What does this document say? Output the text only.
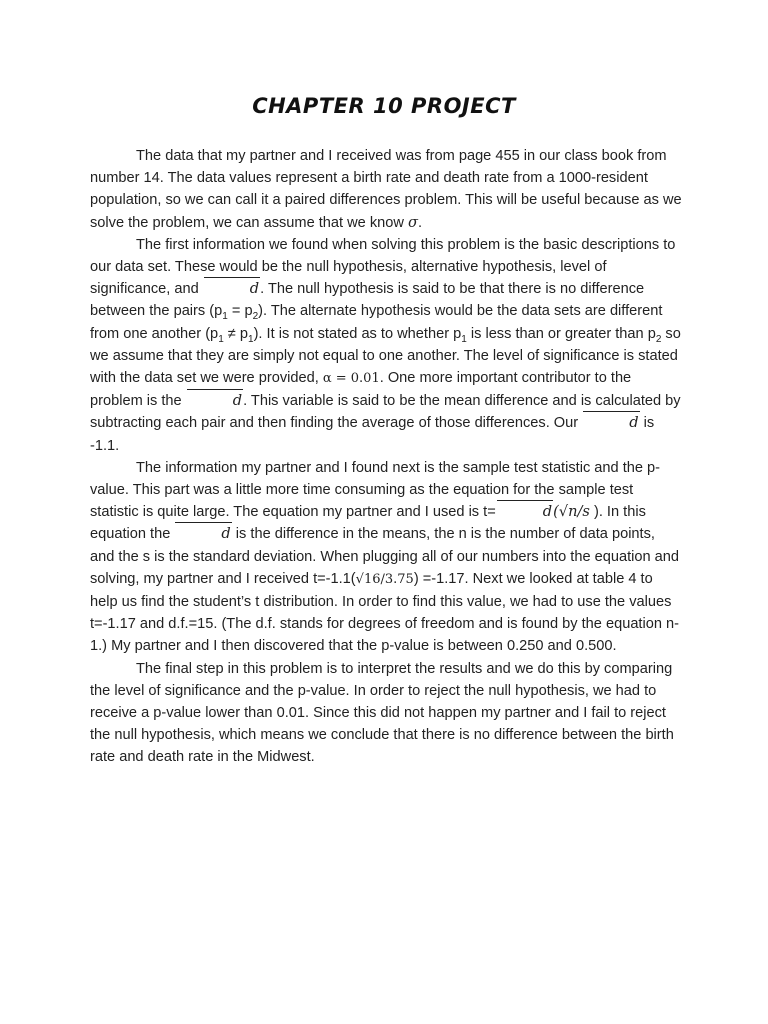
CHAPTER 10 PROJECT

The data that my partner and I received was from page 455 in our class book from number 14. The data values represent a birth rate and death rate from a 1000-resident population, so we can call it a paired differences problem. This will be useful because as we solve the problem, we can assume that we know σ.

The first information we found when solving this problem is the basic descriptions to our data set. These would be the null hypothesis, alternative hypothesis, level of significance, and	d. The null hypothesis is said to be that there is no difference between the pairs $(p_1 = p_2)$. The alternate hypothesis would be the data sets are different from one another $(p_1 \ne p_1)$. It is not stated as to whether $p_1$ is less than or greater than $p_2$ so we assume that they are simply not equal to one another. The level of significance is stated with the data set we were provided, α = 0.01. One more important contributor to the problem is the	d. This variable is said to be the mean difference and is calculated by subtracting each pair and then finding the average of those differences. Our	d is -1.1.

The information my partner and I found next is the sample test statistic and the p-value. This part was a little more time consuming as the equation for the sample test statistic is quite large. The equation my partner and I used is t=	d(√n/s ). In this equation the	d is the difference in the means, the n is the number of data points, and the s is the standard deviation. When plugging all of our numbers into the equation and solving, my partner and I received t=-1.1(√16/3.75) =-1.17. Next we looked at table 4 to help us find the student’s t distribution. In order to find this value, we had to use the values t=-1.17 and d.f.=15. (The d.f. stands for degrees of freedom and is found by the equation n-1.) My partner and I then discovered that the p-value is between 0.250 and 0.500.

The final step in this problem is to interpret the results and we do this by comparing the level of significance and the p-value. In order to reject the null hypothesis, we had to receive a p-value lower than 0.01. Since this did not happen my partner and I fail to reject the null hypothesis, which means we conclude that there is no difference between the birth rate and death rate in the Midwest.
